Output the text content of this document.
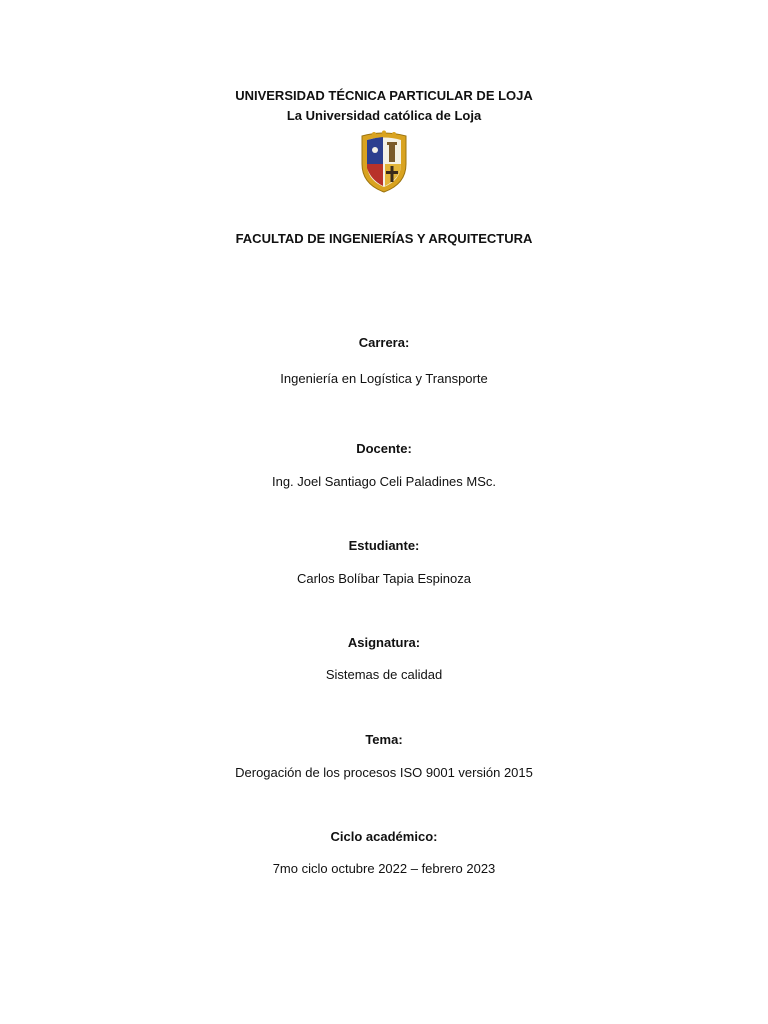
UNIVERSIDAD TÉCNICA PARTICULAR DE LOJA
La Universidad católica de Loja
FACULTAD DE INGENIERÍAS Y ARQUITECTURA
Carrera:
Ingeniería en Logística y Transporte
Docente:
Ing. Joel Santiago Celi Paladines MSc.
Estudiante:
Carlos Bolíbar Tapia Espinoza
Asignatura:
Sistemas de calidad
Tema:
Derogación de los procesos ISO 9001 versión 2015
Ciclo académico:
7mo ciclo octubre 2022 – febrero 2023
